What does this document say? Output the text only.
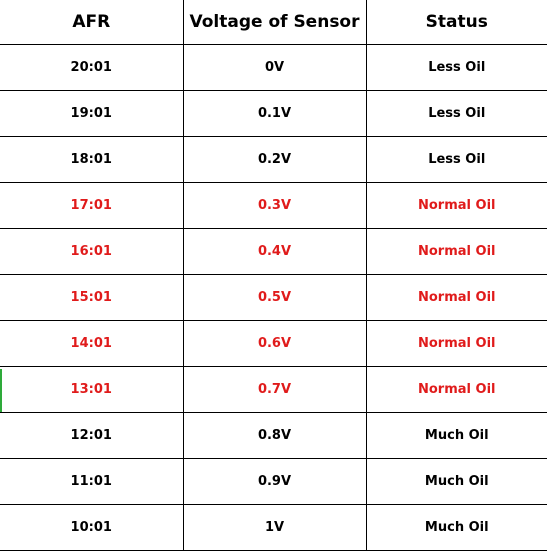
AFR	Voltage of Sensor	Status
20:01	0V	Less Oil
19:01	0.1V	Less Oil
18:01	0.2V	Less Oil
17:01	0.3V	Normal Oil
16:01	0.4V	Normal Oil
15:01	0.5V	Normal Oil
14:01	0.6V	Normal Oil
13:01	0.7V	Normal Oil
12:01	0.8V	Much Oil
11:01	0.9V	Much Oil
10:01	1V	Much Oil
